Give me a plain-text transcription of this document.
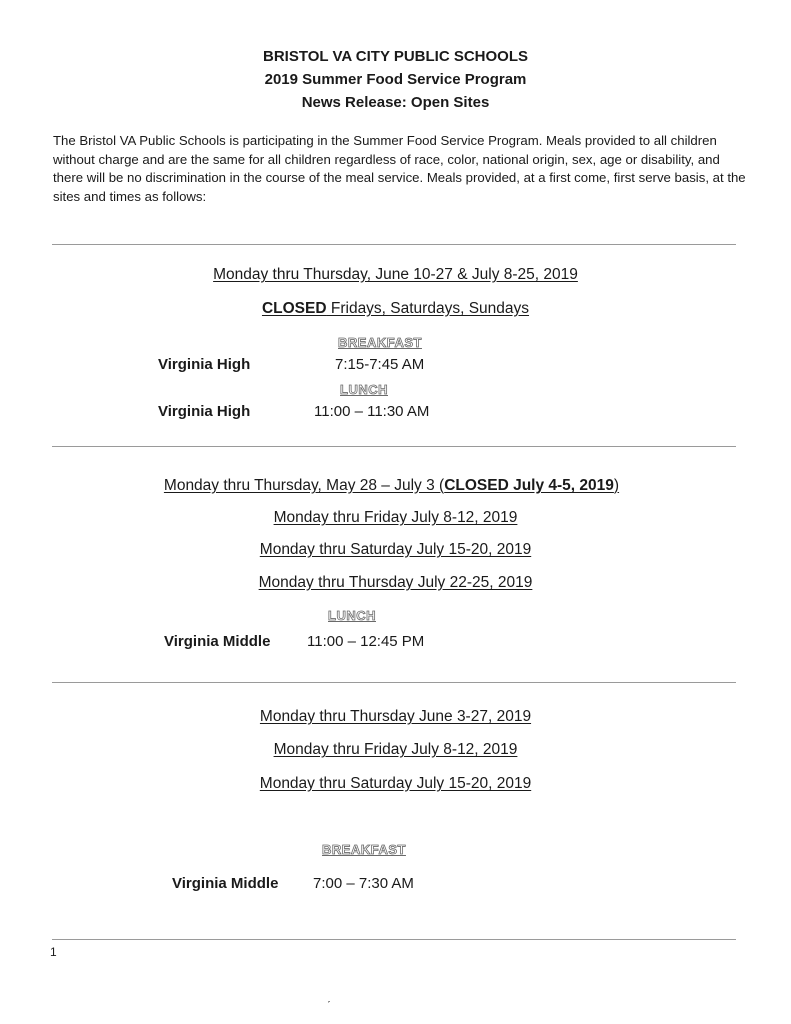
BRISTOL VA CITY PUBLIC SCHOOLS
2019 Summer Food Service Program
News Release: Open Sites
The Bristol VA Public Schools is participating in the Summer Food Service Program. Meals provided to all children without charge and are the same for all children regardless of race, color, national origin, sex, age or disability, and there will be no discrimination in the course of the meal service. Meals provided, at a first come, first serve basis, at the sites and times as follows:
Monday thru Thursday, June 10-27 & July 8-25, 2019
CLOSED Fridays, Saturdays, Sundays
BREAKFAST
Virginia High	7:15-7:45 AM
LUNCH
Virginia High	11:00 – 11:30 AM
Monday thru Thursday, May 28 – July 3 (CLOSED July 4-5, 2019)
Monday thru Friday July 8-12, 2019
Monday thru Saturday July 15-20, 2019
Monday thru Thursday July 22-25, 2019
LUNCH
Virginia Middle 11:00 – 12:45 PM
Monday thru Thursday June 3-27, 2019
Monday thru Friday July 8-12, 2019
Monday thru Saturday July 15-20, 2019
BREAKFAST
Virginia Middle 7:00 – 7:30 AM
1
ˊ
